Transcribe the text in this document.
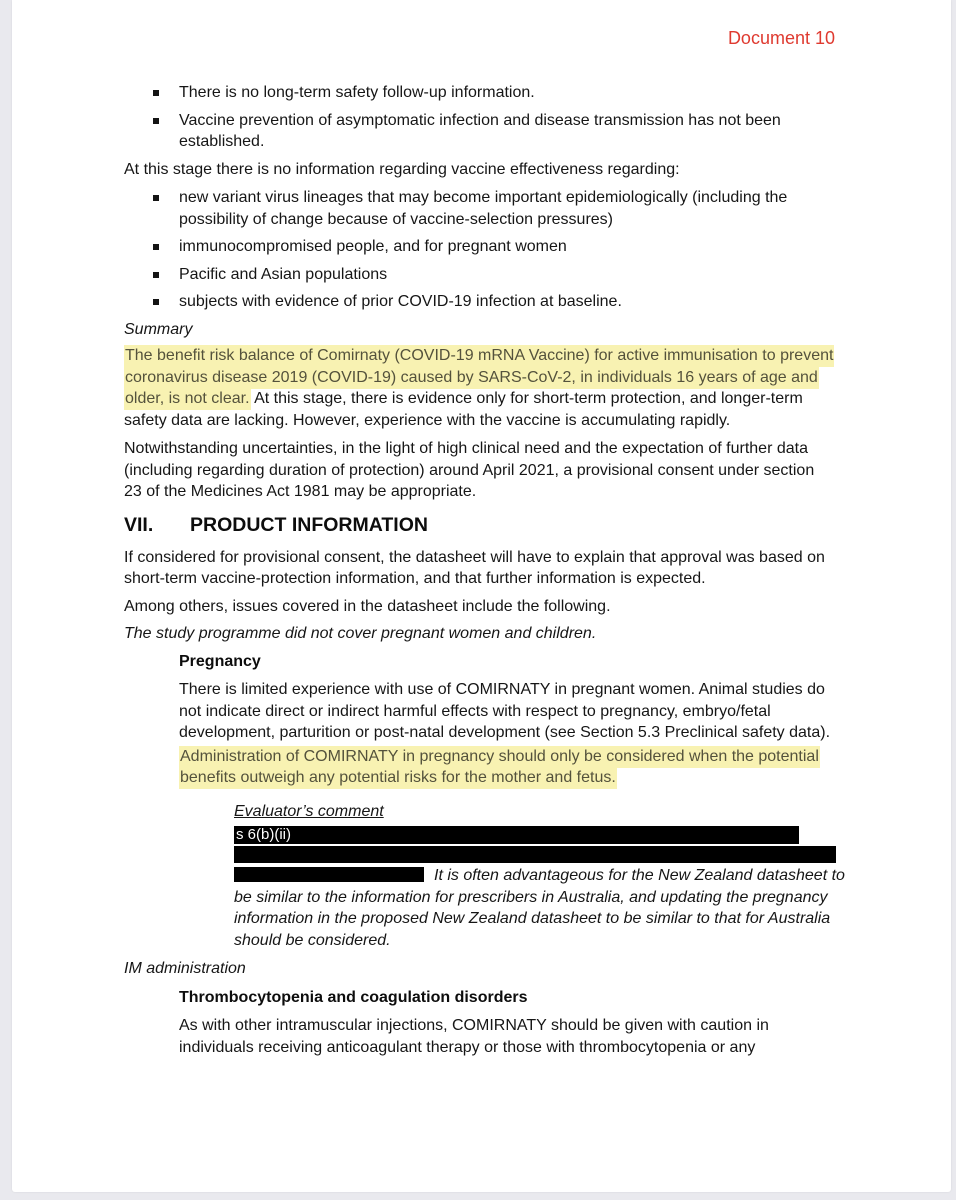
Document 10
There is no long-term safety follow-up information.
Vaccine prevention of asymptomatic infection and disease transmission has not been established.
At this stage there is no information regarding vaccine effectiveness regarding:
new variant virus lineages that may become important epidemiologically (including the possibility of change because of vaccine-selection pressures)
immunocompromised people, and for pregnant women
Pacific and Asian populations
subjects with evidence of prior COVID-19 infection at baseline.
Summary
The benefit risk balance of Comirnaty (COVID-19 mRNA Vaccine) for active immunisation to prevent coronavirus disease 2019 (COVID-19) caused by SARS-CoV-2, in individuals 16 years of age and older, is not clear. At this stage, there is evidence only for short-term protection, and longer-term safety data are lacking. However, experience with the vaccine is accumulating rapidly.
Notwithstanding uncertainties, in the light of high clinical need and the expectation of further data (including regarding duration of protection) around April 2021, a provisional consent under section 23 of the Medicines Act 1981 may be appropriate.
VII. PRODUCT INFORMATION
If considered for provisional consent, the datasheet will have to explain that approval was based on short-term vaccine-protection information, and that further information is expected.
Among others, issues covered in the datasheet include the following.
The study programme did not cover pregnant women and children.
Pregnancy
There is limited experience with use of COMIRNATY in pregnant women. Animal studies do not indicate direct or indirect harmful effects with respect to pregnancy, embryo/fetal development, parturition or post-natal development (see Section 5.3 Preclinical safety data).
Administration of COMIRNATY in pregnancy should only be considered when the potential benefits outweigh any potential risks for the mother and fetus.
Evaluator’s comment
s 6(b)(ii)
It is often advantageous for the New Zealand datasheet to be similar to the information for prescribers in Australia, and updating the pregnancy information in the proposed New Zealand datasheet to be similar to that for Australia should be considered.
IM administration
Thrombocytopenia and coagulation disorders
As with other intramuscular injections, COMIRNATY should be given with caution in individuals receiving anticoagulant therapy or those with thrombocytopenia or any
